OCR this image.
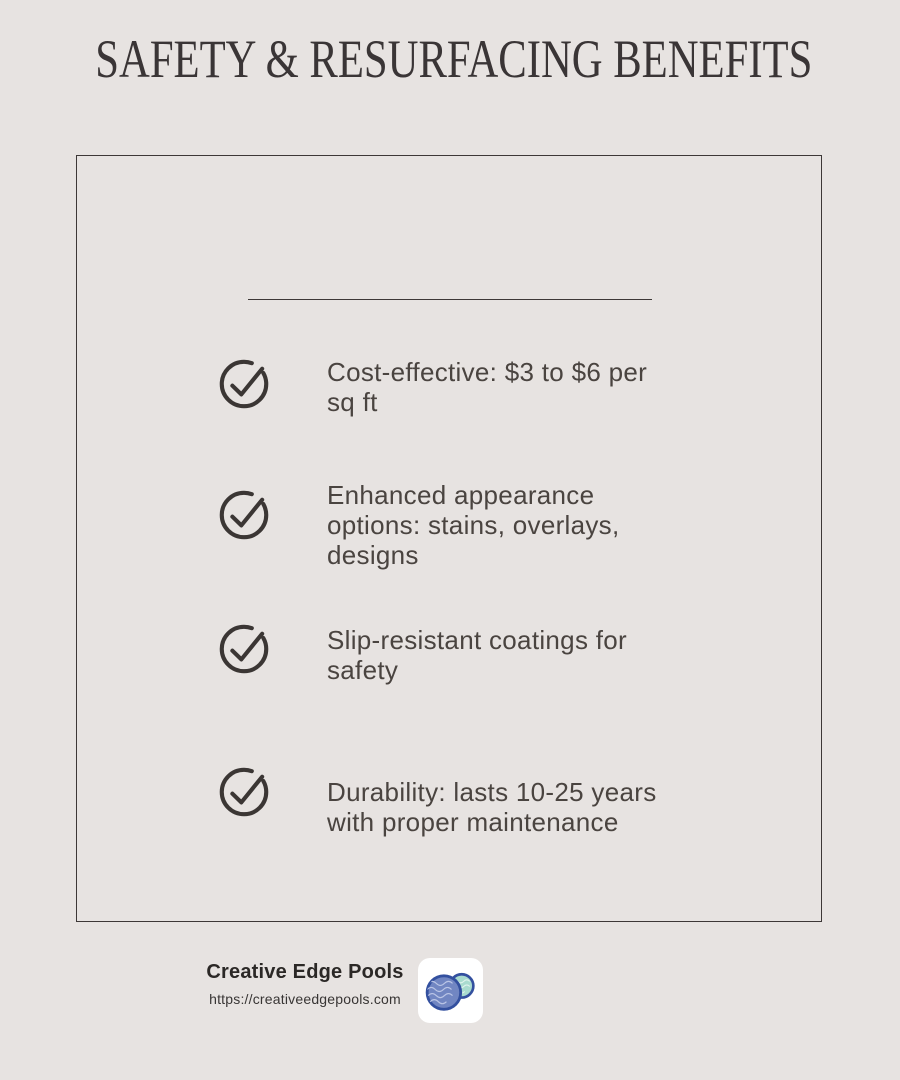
SAFETY & RESURFACING BENEFITS
Cost-effective: $3 to $6 per
sq ft
Enhanced appearance
options: stains, overlays,
designs
Slip-resistant coatings for
safety
Durability: lasts 10-25 years
with proper maintenance
Creative Edge Pools
https://creativeedgepools.com
